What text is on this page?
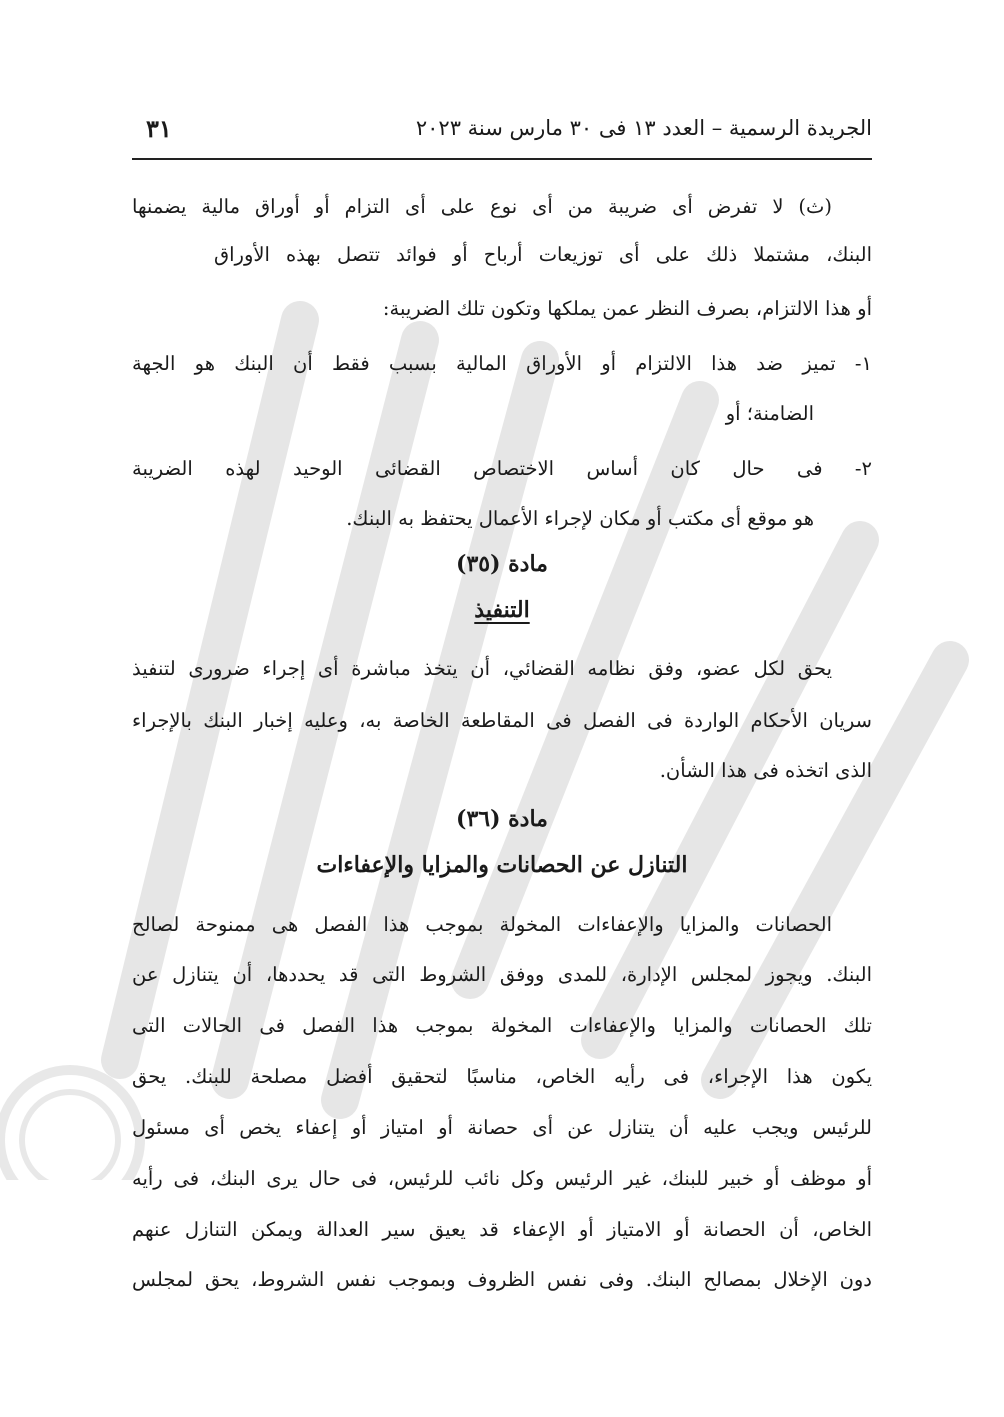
الجريدة الرسمية – العدد ١٣ فى ٣٠ مارس سنة ٢٠٢٣
٣١
(ث) لا تفرض أى ضريبة من أى نوع على أى التزام أو أوراق مالية يضمنها
البنك، مشتملا ذلك على أى توزيعات أرباح أو فوائد تتصل بهذه الأوراق
أو هذا الالتزام، بصرف النظر عمن يملكها وتكون تلك الضريبة:
١- تميز ضد هذا الالتزام أو الأوراق المالية بسبب فقط أن البنك هو الجهة
الضامنة؛ أو
٢- فى حال كان أساس الاختصاص القضائى الوحيد لهذه الضريبة
هو موقع أى مكتب أو مكان لإجراء الأعمال يحتفظ به البنك.
مادة (٣٥)
التنفيذ
يحق لكل عضو، وفق نظامه القضائي، أن يتخذ مباشرة أى إجراء ضرورى لتنفيذ
سريان الأحكام الواردة فى الفصل فى المقاطعة الخاصة به، وعليه إخبار البنك بالإجراء
الذى اتخذه فى هذا الشأن.
مادة (٣٦)
التنازل عن الحصانات والمزايا والإعفاءات
الحصانات والمزايا والإعفاءات المخولة بموجب هذا الفصل هى ممنوحة لصالح
البنك. ويجوز لمجلس الإدارة، للمدى ووفق الشروط التى قد يحددها، أن يتنازل عن
تلك الحصانات والمزايا والإعفاءات المخولة بموجب هذا الفصل فى الحالات التى
يكون هذا الإجراء، فى رأيه الخاص، مناسبًا لتحقيق أفضل مصلحة للبنك. يحق
للرئيس ويجب عليه أن يتنازل عن أى حصانة أو امتياز أو إعفاء يخص أى مسئول
أو موظف أو خبير للبنك، غير الرئيس وكل نائب للرئيس، فى حال يرى البنك، فى رأيه
الخاص، أن الحصانة أو الامتياز أو الإعفاء قد يعيق سير العدالة ويمكن التنازل عنهم
دون الإخلال بمصالح البنك. وفى نفس الظروف وبموجب نفس الشروط، يحق لمجلس
